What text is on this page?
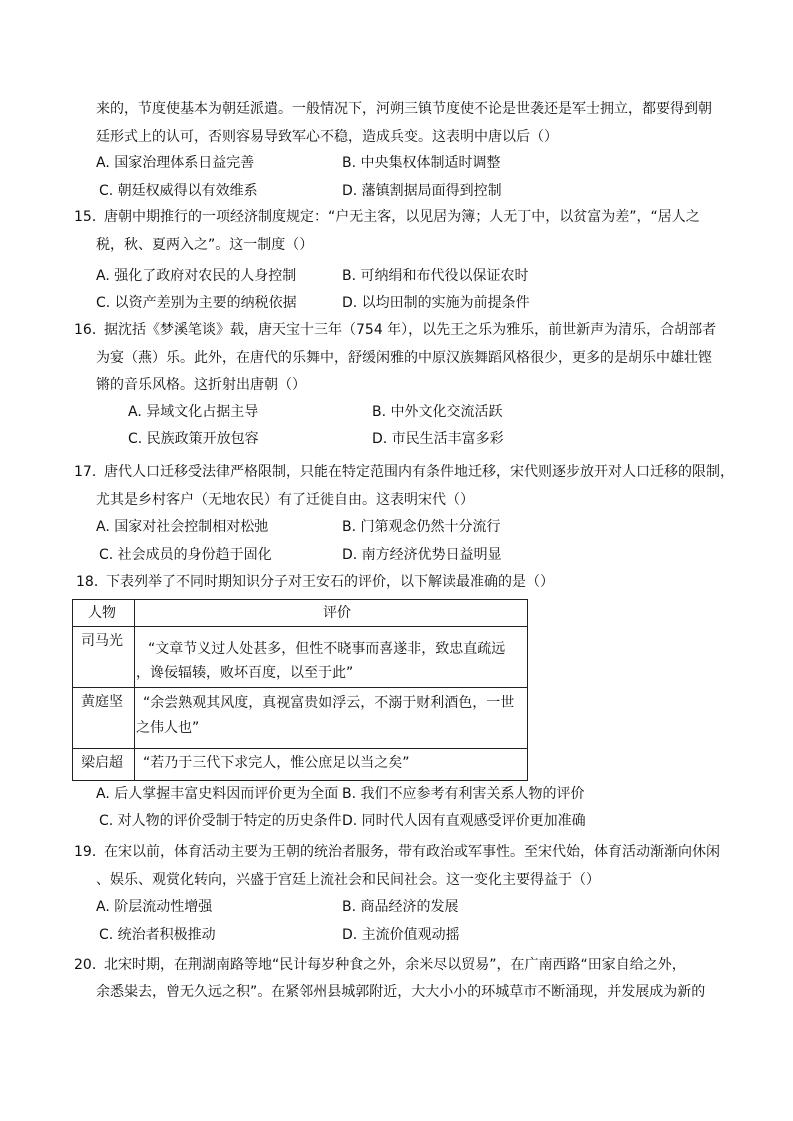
来的，节度使基本为朝廷派遣。一般情况下，河朔三镇节度使不论是世袭还是军士拥立，都要得到朝
廷形式上的认可，否则容易导致军心不稳，造成兵变。这表明中唐以后（）
A. 国家治理体系日益完善	B. 中央集权体制适时调整
C. 朝廷权威得以有效维系	D. 藩镇割据局面得到控制
15．
唐朝中期推行的一项经济制度规定：“户无主客，以见居为簿；人无丁中，以贫富为差”，“居人之
税，秋、夏两入之”。这一制度（）
A. 强化了政府对农民的人身控制	B. 可纳绢和布代役以保证农时
C. 以资产差别为主要的纳税依据	D. 以均田制的实施为前提条件
16．
据沈括《梦溪笔谈》载，唐天宝十三年（754 年），以先王之乐为雅乐，前世新声为清乐，合胡部者
为宴（燕）乐。此外，在唐代的乐舞中，舒缓闲雅的中原汉族舞蹈风格很少，更多的是胡乐中雄壮铿
锵的音乐风格。这折射出唐朝（）
A. 异域文化占据主导	B. 中外文化交流活跃
C. 民族政策开放包容	D. 市民生活丰富多彩
17．
唐代人口迁移受法律严格限制，只能在特定范围内有条件地迁移，宋代则逐步放开对人口迁移的限制，
尤其是乡村客户（无地农民）有了迁徙自由。这表明宋代（）
A. 国家对社会控制相对松弛	B. 门第观念仍然十分流行
C. 社会成员的身份趋于固化	D. 南方经济优势日益明显
18．
下表列举了不同时期知识分子对王安石的评价，以下解读最准确的是（）
人物	评价
司马光 “文章节义过人处甚多，但性不晓事而喜遂非，致忠直疏远
，谗佞辐辏，败坏百度，以至于此”
黄庭坚 “余尝熟观其风度，真视富贵如浮云，不溺于财利酒色，一世
之伟人也”
梁启超 “若乃于三代下求完人，惟公庶足以当之矣”
A. 后人掌握丰富史料因而评价更为全面 B. 我们不应参考有利害关系人物的评价
C. 对人物的评价受制于特定的历史条件 D. 同时代人因有直观感受评价更加准确
19．
在宋以前，体育活动主要为王朝的统治者服务，带有政治或军事性。至宋代始，体育活动渐渐向休闲
、娱乐、观赏化转向，兴盛于宫廷上流社会和民间社会。这一变化主要得益于（）
A. 阶层流动性增强	B. 商品经济的发展
C. 统治者积极推动	D. 主流价值观动摇
20．
北宋时期，在荆湖南路等地“民计每岁种食之外，余米尽以贸易”，在广南西路“田家自给之外，
余悉粜去，曾无久远之积”。在紧邻州县城郭附近，大大小小的环城草市不断涌现，并发展成为新的
